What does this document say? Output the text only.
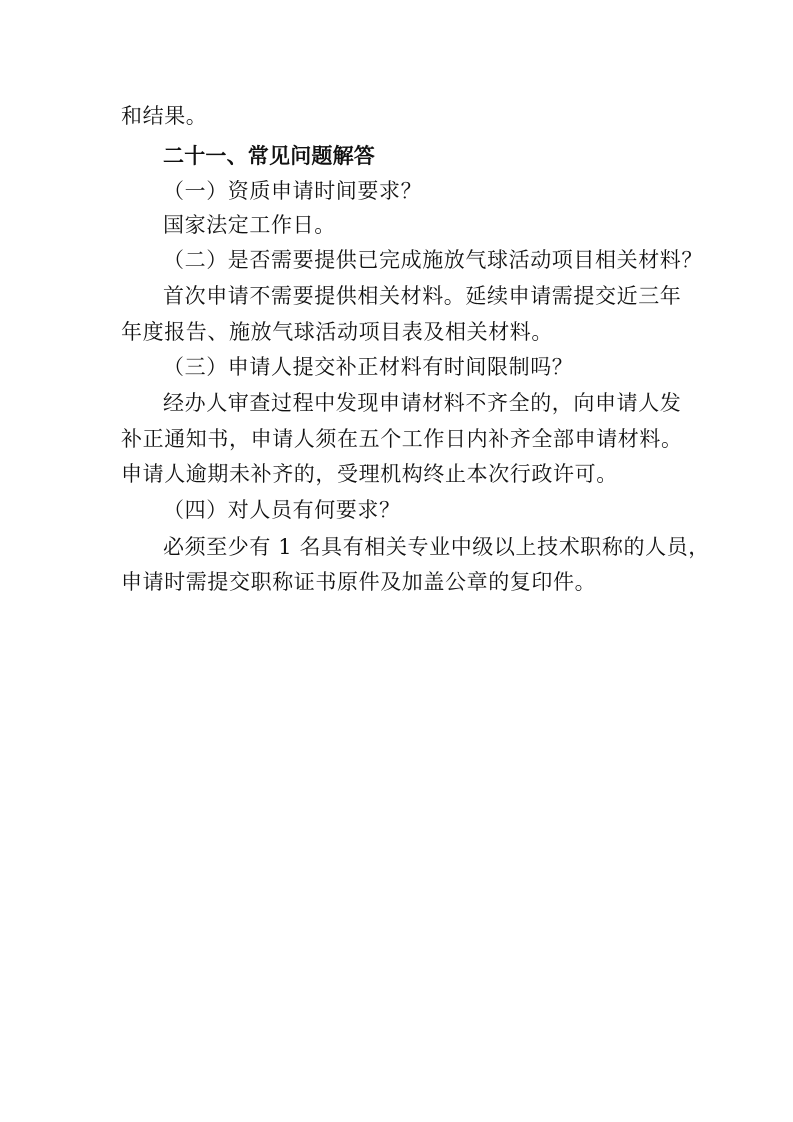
和结果。
二十一、常见问题解答
（一）资质申请时间要求？
国家法定工作日。
（二）是否需要提供已完成施放气球活动项目相关材料？
首次申请不需要提供相关材料。延续申请需提交近三年
年度报告、施放气球活动项目表及相关材料。
（三）申请人提交补正材料有时间限制吗？
经办人审查过程中发现申请材料不齐全的，向申请人发
补正通知书，申请人须在五个工作日内补齐全部申请材料。
申请人逾期未补齐的，受理机构终止本次行政许可。
（四）对人员有何要求？
必须至少有 1 名具有相关专业中级以上技术职称的人员，
申请时需提交职称证书原件及加盖公章的复印件。
